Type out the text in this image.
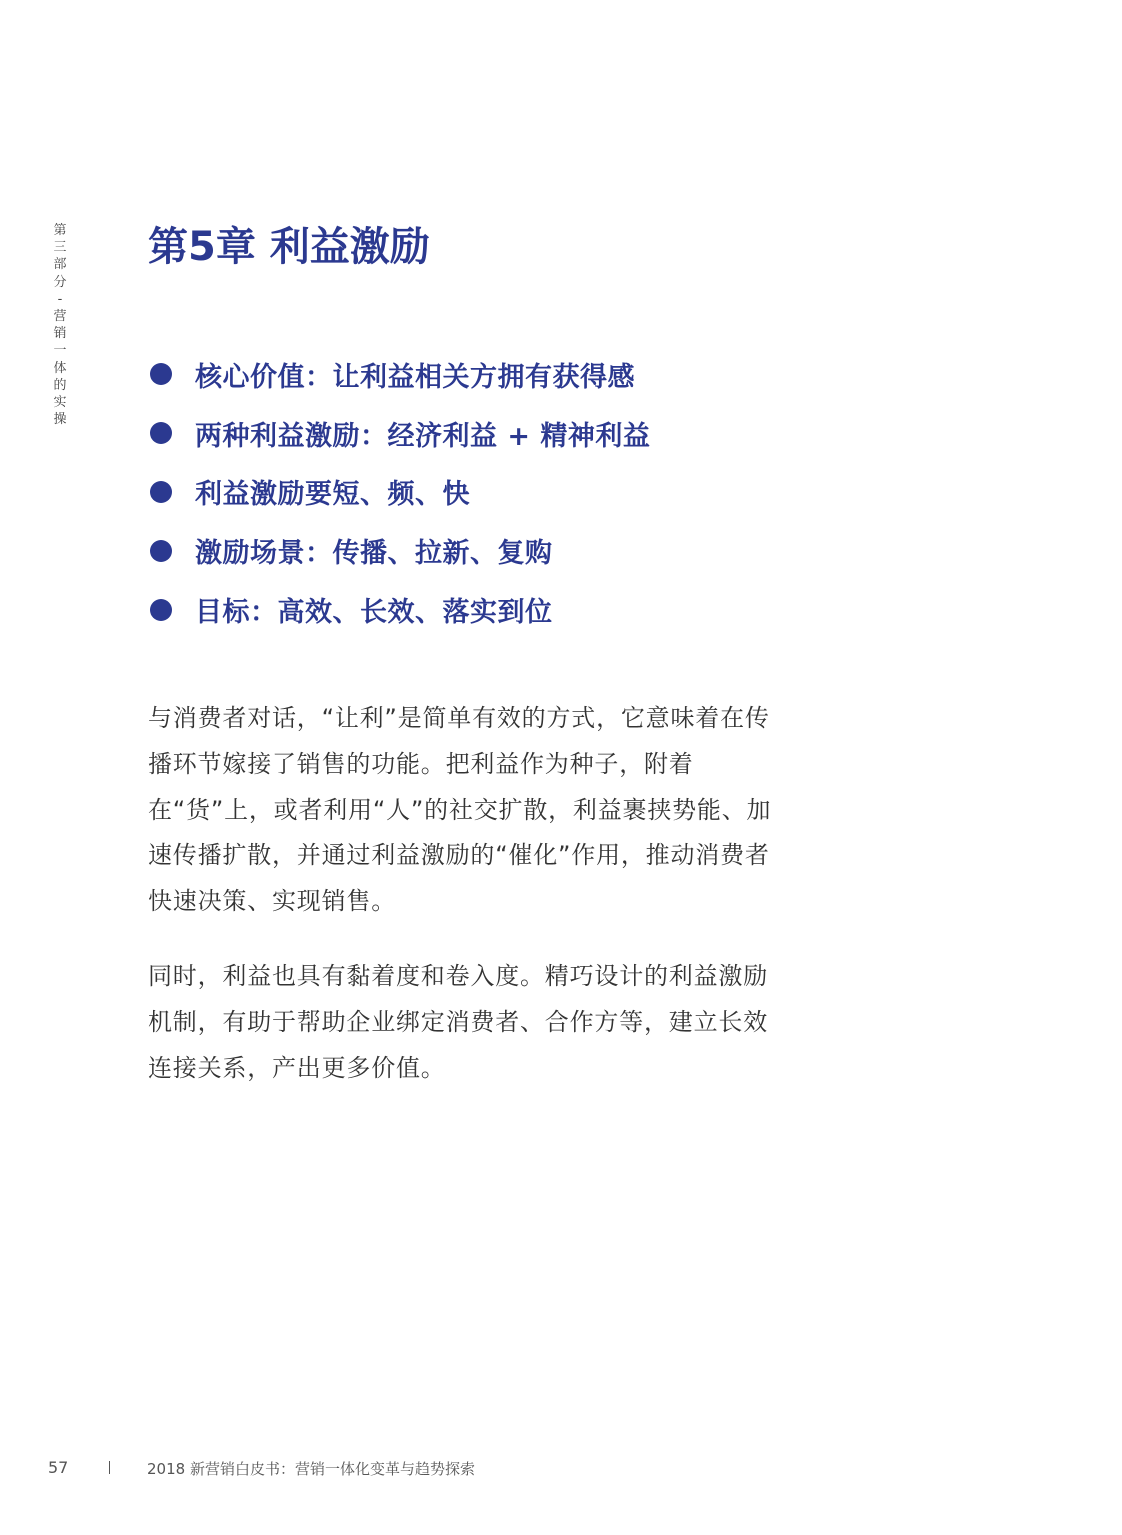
第三部分 - 营销一体的实操
第5章 利益激励
核心价值：让利益相关方拥有获得感
两种利益激励：经济利益 + 精神利益
利益激励要短、频、快
激励场景：传播、拉新、复购
目标：高效、长效、落实到位

与消费者对话，“让利”是简单有效的方式，它意味着在传播环节嫁接了销售的功能。把利益作为种子，附着在“货”上，或者利用“人”的社交扩散，利益裹挟势能、加速传播扩散，并通过利益激励的“催化”作用，推动消费者快速决策、实现销售。

同时，利益也具有黏着度和卷入度。精巧设计的利益激励机制，有助于帮助企业绑定消费者、合作方等，建立长效连接关系，产出更多价值。

57	2018 新营销白皮书：营销一体化变革与趋势探索
